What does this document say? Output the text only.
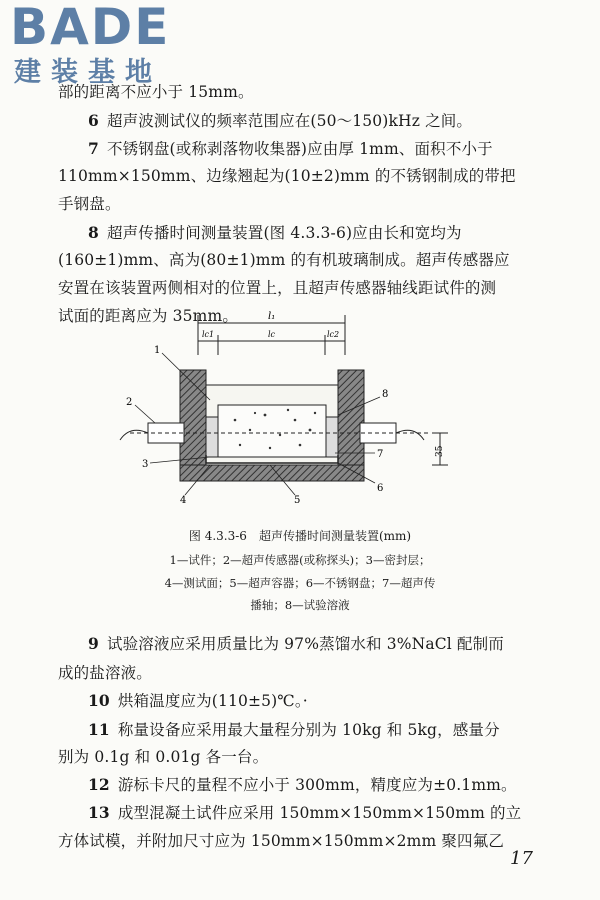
BADE
建装基地
部的距离不应小于 15mm。
6 超声波测试仪的频率范围应在(50～150)kHz 之间。
7 不锈钢盘(或称剥落物收集器)应由厚 1mm、面积不小于
110mm×150mm、边缘翘起为(10±2)mm 的不锈钢制成的带把
手钢盘。
8 超声传播时间测量装置(图 4.3.3-6)应由长和宽均为
(160±1)mm、高为(80±1)mm 的有机玻璃制成。超声传感器应
安置在该装置两侧相对的位置上，且超声传感器轴线距试件的测
试面的距离应为 35mm。	l₁
lc1	lc	lc2
35
1
2
3
4	5
6
7
8
图 4.3.3-6　超声传播时间测量装置(mm)
1—试件；2—超声传感器(或称探头)；3—密封层；
4—测试面；5—超声容器；6—不锈钢盘；7—超声传
播轴；8—试验溶液
9 试验溶液应采用质量比为 97%蒸馏水和 3%NaCl 配制而
成的盐溶液。
10 烘箱温度应为(110±5)℃。·
11 称量设备应采用最大量程分别为 10kg 和 5kg，感量分
别为 0.1g 和 0.01g 各一台。
12 游标卡尺的量程不应小于 300mm，精度应为±0.1mm。
13 成型混凝土试件应采用 150mm×150mm×150mm 的立
方体试模，并附加尺寸应为 150mm×150mm×2mm 聚四氟乙
17
